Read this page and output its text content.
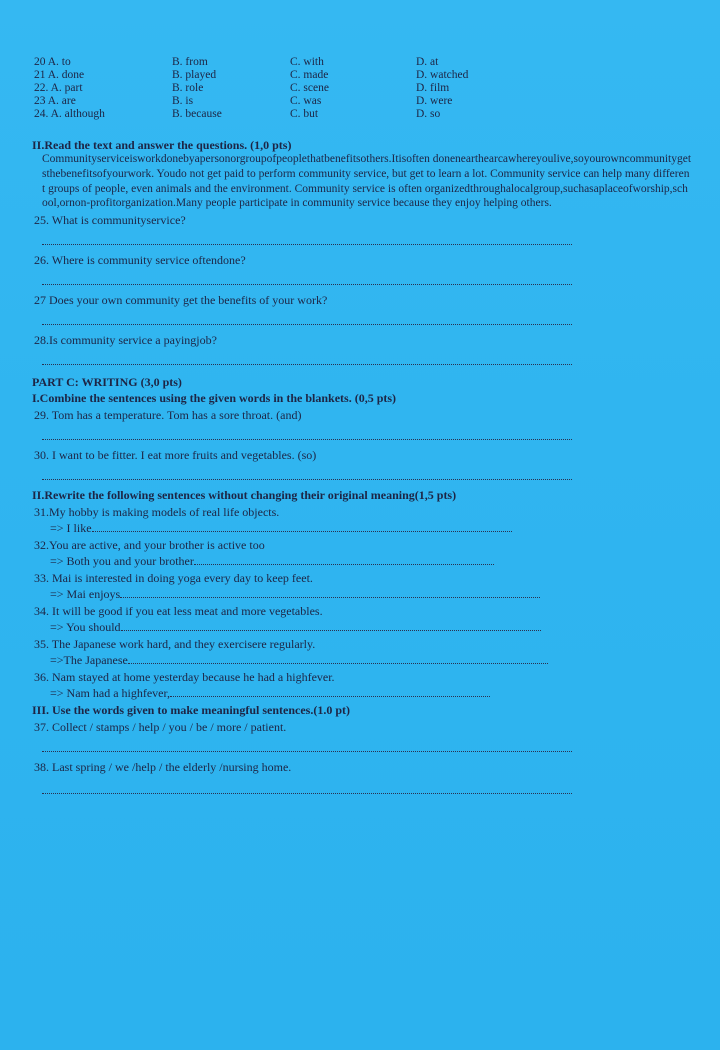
20 A. to	B. from	C. with	D. at
21 A. done	B. played	C. made	D. watched
22. A. part	B. role	C. scene	D. film
23 A. are	B. is	C. was	D. were
24. A. although	B. because	C. but	D. so

II.Read the text and answer the questions. (1,0 pts)

Communityserviceisworkdonebyapersonorgroupofpeoplethatbenefitsothers.Itisoften donenearthearcawhereyoulive,soyourowncommunitygetsthebenefitsofyourwork. Youdo not get paid to perform community service, but get to learn a lot. Community service can help many different groups of people, even animals and the environment. Community service is often organizedthroughalocalgroup,suchasaplaceofworship,school,ornon-profitorganization.Many people participate in community service because they enjoy helping others.

25. What is communityservice?
26. Where is community service oftendone?
27 Does your own community get the benefits of your work?
28.Is community service a payingjob?
PART C: WRITING (3,0 pts)
I.Combine the sentences using the given words in the blankets. (0,5 pts)
29. Tom has a temperature. Tom has a sore throat. (and)
30. I want to be fitter. I eat more fruits and vegetables. (so)
II.Rewrite the following sentences without changing their original meaning(1,5 pts)
31.My hobby is making models of real life objects.
=> I like
32.You are active, and your brother is active too
=> Both you and your brother
33. Mai is interested in doing yoga every day to keep feet.
=> Mai enjoys
34. It will be good if you eat less meat and more vegetables.
=> You should
35. The Japanese work hard, and they exercisere regularly.
=>The Japanese
36. Nam stayed at home yesterday because he had a highfever.
=> Nam had a highfever,
III. Use the words given to make meaningful sentences.(1.0 pt)
37. Collect / stamps / help / you / be / more / patient.
38. Last spring / we /help / the elderly /nursing home.
